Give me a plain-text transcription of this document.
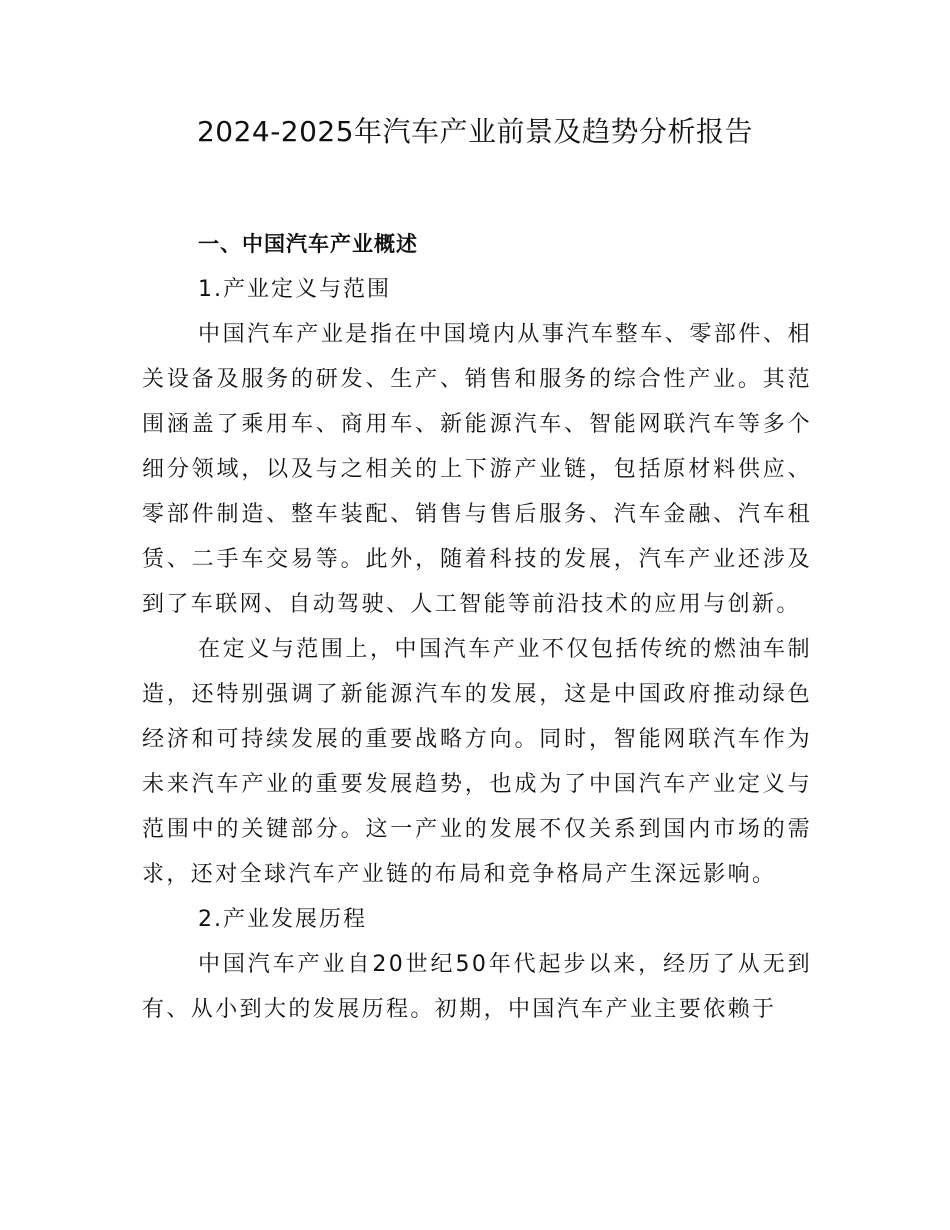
2024-2025年汽车产业前景及趋势分析报告

一、中国汽车产业概述

1.产业定义与范围

中国汽车产业是指在中国境内从事汽车整车、零部件、相关设备及服务的研发、生产、销售和服务的综合性产业。其范围涵盖了乘用车、商用车、新能源汽车、智能网联汽车等多个细分领域，以及与之相关的上下游产业链，包括原材料供应、零部件制造、整车装配、销售与售后服务、汽车金融、汽车租赁、二手车交易等。此外，随着科技的发展，汽车产业还涉及到了车联网、自动驾驶、人工智能等前沿技术的应用与创新。

在定义与范围上，中国汽车产业不仅包括传统的燃油车制造，还特别强调了新能源汽车的发展，这是中国政府推动绿色经济和可持续发展的重要战略方向。同时，智能网联汽车作为未来汽车产业的重要发展趋势，也成为了中国汽车产业定义与范围中的关键部分。这一产业的发展不仅关系到国内市场的需求，还对全球汽车产业链的布局和竞争格局产生深远影响。

2.产业发展历程

中国汽车产业自20世纪50年代起步以来，经历了从无到有、从小到大的发展历程。初期，中国汽车产业主要依赖于
